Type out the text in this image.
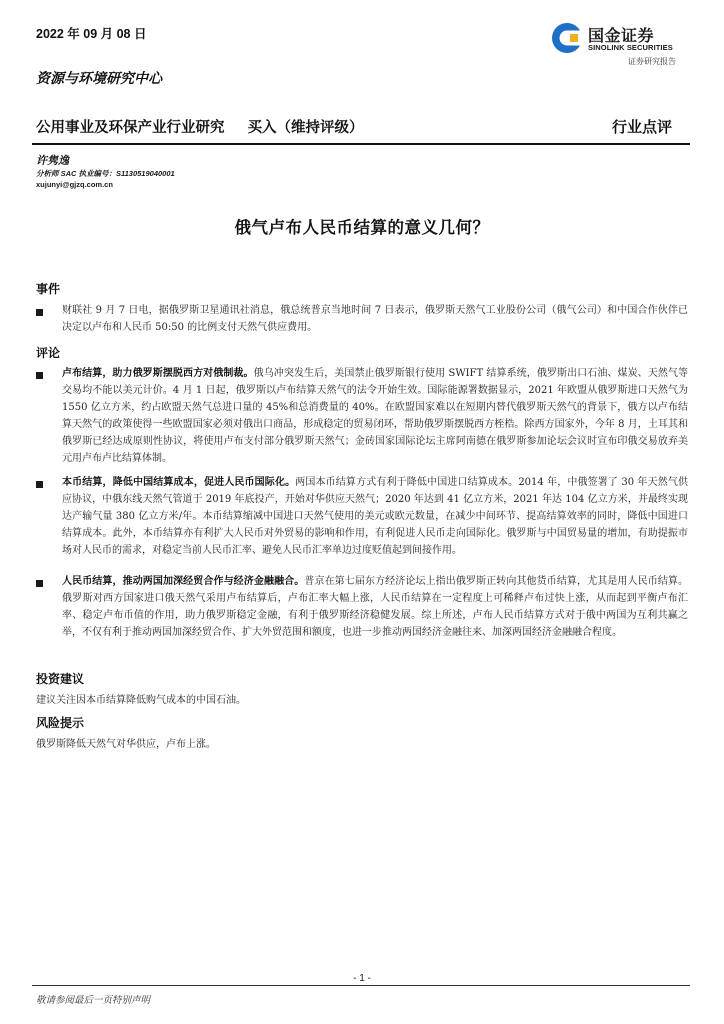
2022 年 09 月 08 日	国金证券
SINOLINK SECURITIES
证券研究报告
资源与环境研究中心
公用事业及环保产业行业研究 买入（维持评级）	行业点评
许隽逸
分析师 SAC 执业编号：S1130519040001
xujunyi@gjzq.com.cn
俄气卢布人民币结算的意义几何？
事件
财联社 9 月 7 日电，据俄罗斯卫星通讯社消息，俄总统普京当地时间 7 日表示，俄罗斯天然气工业股份公司（俄气公司）和中国合作伙伴已决定以卢布和人民币 50:50 的比例支付天然气供应费用。
评论
卢布结算，助力俄罗斯摆脱西方对俄制裁。俄乌冲突发生后，美国禁止俄罗斯银行使用 SWIFT 结算系统，俄罗斯出口石油、煤炭、天然气等交易均不能以美元计价。4 月 1 日起，俄罗斯以卢布结算天然气的法令开始生效。国际能源署数据显示，2021 年欧盟从俄罗斯进口天然气为 1550 亿立方米，约占欧盟天然气总进口量的 45%和总消费量的 40%。在欧盟国家难以在短期内替代俄罗斯天然气的背景下，俄方以卢布结算天然气的政策使得一些欧盟国家必须对俄出口商品，形成稳定的贸易闭环，帮助俄罗斯摆脱西方桎梏。除西方国家外，今年 8 月，土耳其和俄罗斯已经达成原则性协议，将使用卢布支付部分俄罗斯天然气；金砖国家国际论坛主席阿南德在俄罗斯参加论坛会议时宣布印俄交易放弃美元用卢布卢比结算体制。
本币结算，降低中国结算成本，促进人民币国际化。两国本币结算方式有利于降低中国进口结算成本。2014 年，中俄签署了 30 年天然气供应协议，中俄东线天然气管道于 2019 年底投产，开始对华供应天然气；2020 年达到 41 亿立方米，2021 年达 104 亿立方米，并最终实现达产输气量 380 亿立方米/年。本币结算缩减中国进口天然气使用的美元或欧元数量，在减少中间环节、提高结算效率的同时，降低中国进口结算成本。此外，本币结算亦有利扩大人民币对外贸易的影响和作用，有利促进人民币走向国际化。俄罗斯与中国贸易量的增加，有助提振市场对人民币的需求，对稳定当前人民币汇率、避免人民币汇率单边过度贬值起到间接作用。
人民币结算，推动两国加深经贸合作与经济金融融合。普京在第七届东方经济论坛上指出俄罗斯正转向其他货币结算，尤其是用人民币结算。俄罗斯对西方国家进口俄天然气采用卢布结算后，卢布汇率大幅上涨，人民币结算在一定程度上可稀释卢布过快上涨，从而起到平衡卢布汇率、稳定卢布币值的作用，助力俄罗斯稳定金融，有利于俄罗斯经济稳健发展。综上所述，卢布人民币结算方式对于俄中两国为互利共赢之举，不仅有利于推动两国加深经贸合作、扩大外贸范围和额度，也进一步推动两国经济金融往来、加深两国经济金融融合程度。
投资建议
建议关注因本币结算降低购气成本的中国石油。
风险提示
俄罗斯降低天然气对华供应，卢布上涨。
- 1 -
敬请参阅最后一页特别声明
